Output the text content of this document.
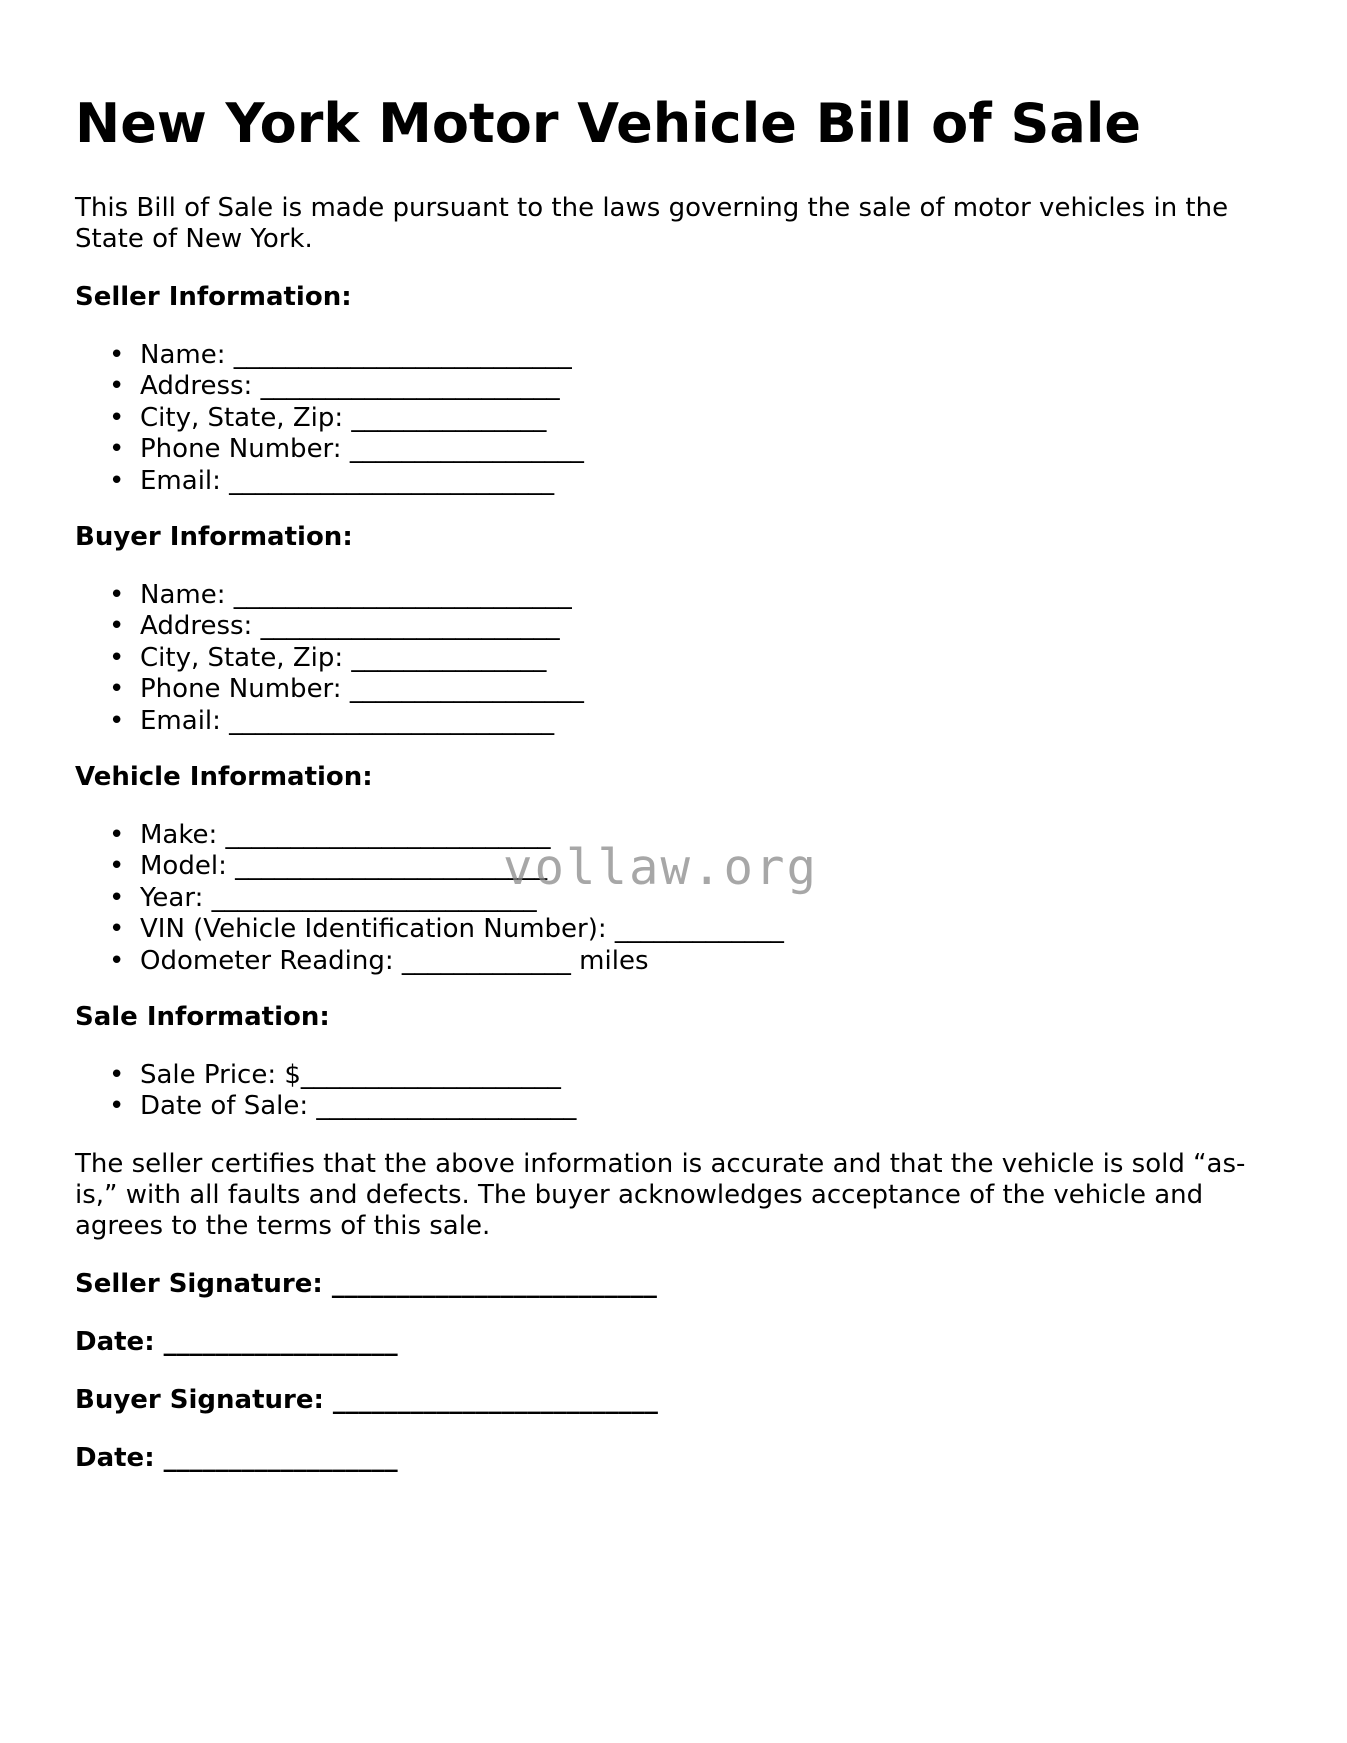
New York Motor Vehicle Bill of Sale

This Bill of Sale is made pursuant to the laws governing the sale of motor vehicles in the State of New York.

Seller Information:

• Name: __________________________
• Address: _______________________
• City, State, Zip: _______________
• Phone Number: __________________
• Email: _________________________

Buyer Information:

• Name: __________________________
• Address: _______________________
• City, State, Zip: _______________
• Phone Number: __________________
• Email: _________________________

Vehicle Information:

• Make: _________________________
• Model: ________________________
• Year: _________________________
• VIN (Vehicle Identification Number): _____________
• Odometer Reading: _____________ miles

Sale Information:

• Sale Price: $____________________
• Date of Sale: ____________________

The seller certifies that the above information is accurate and that the vehicle is sold “as-is,” with all faults and defects. The buyer acknowledges acceptance of the vehicle and agrees to the terms of this sale.

Seller Signature: _________________________

Date: __________________

Buyer Signature: _________________________

Date: __________________

vollaw.org
